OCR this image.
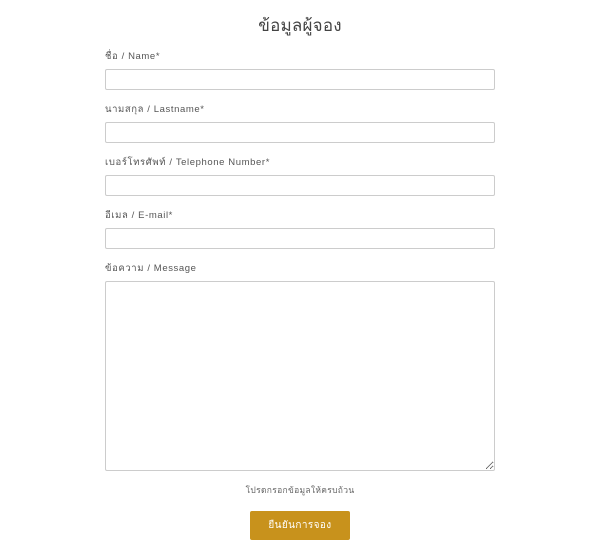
ข้อมูลผู้จอง
ชื่อ / Name*
นามสกุล / Lastname*
เบอร์โทรศัพท์ / Telephone Number*
อีเมล / E-mail*
ข้อความ / Message
โปรดกรอกข้อมูลให้ครบถ้วน
ยืนยันการจอง
